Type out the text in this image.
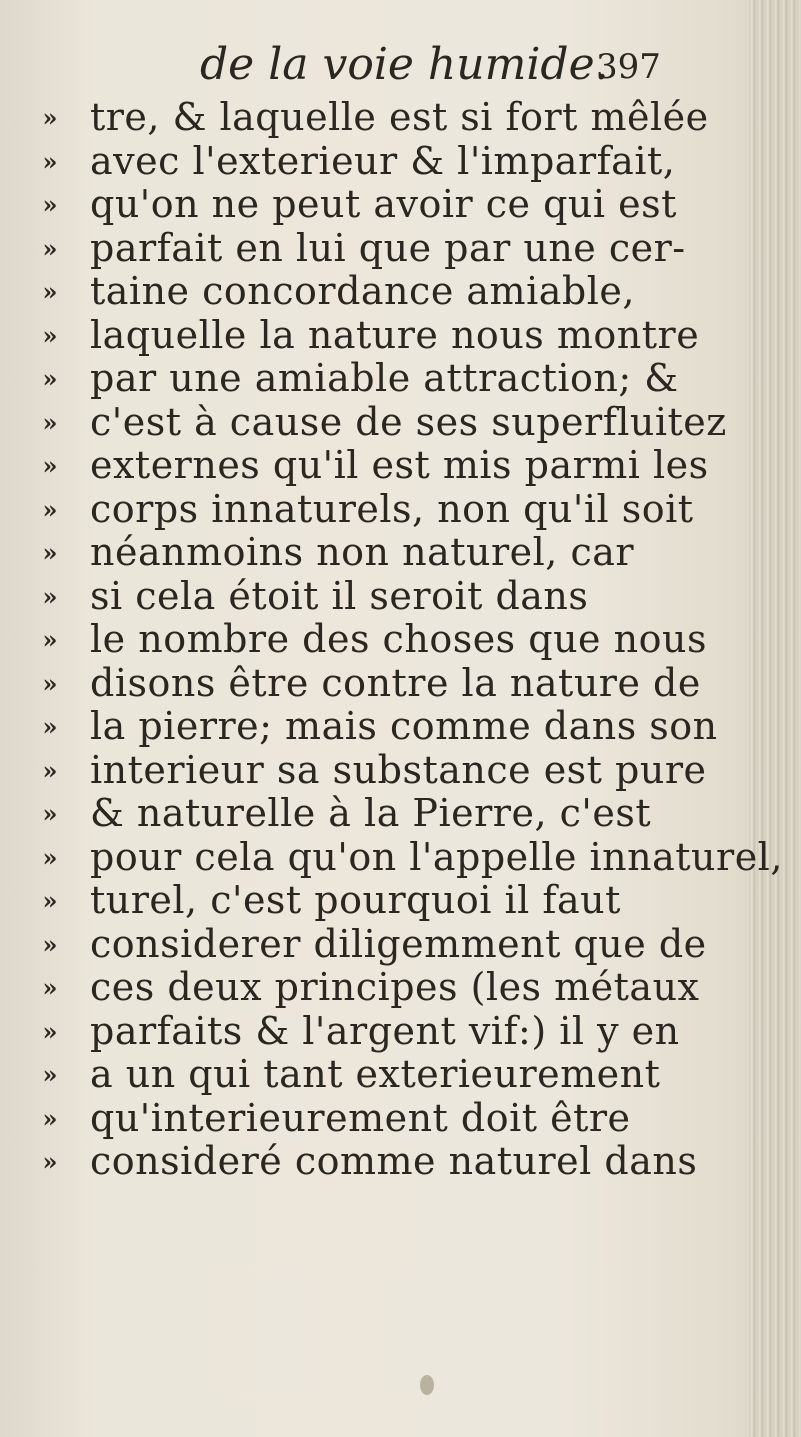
de la voie humide.
397
» tre, & laquelle est si fort mêlée
» avec l'exterieur & l'imparfait,
» qu'on ne peut avoir ce qui est
» parfait en lui que par une cer-
» taine concordance amiable,
» laquelle la nature nous montre
» par une amiable attraction; &
» c'est à cause de ses superfluitez
» externes qu'il est mis parmi les
» corps innaturels, non qu'il soit
» néanmoins non naturel, car
» si cela étoit il seroit dans
» le nombre des choses que nous
» disons être contre la nature de
» la pierre; mais comme dans son
» interieur sa substance est pure
» & naturelle à la Pierre, c'est
» pour cela qu'on l'appelle innaturel,
» turel, c'est pourquoi il faut
» considerer diligemment que de
» ces deux principes (les métaux
» parfaits & l'argent vif:) il y en
» a un qui tant exterieurement
» qu'interieurement doit être
» consideré comme naturel dans
